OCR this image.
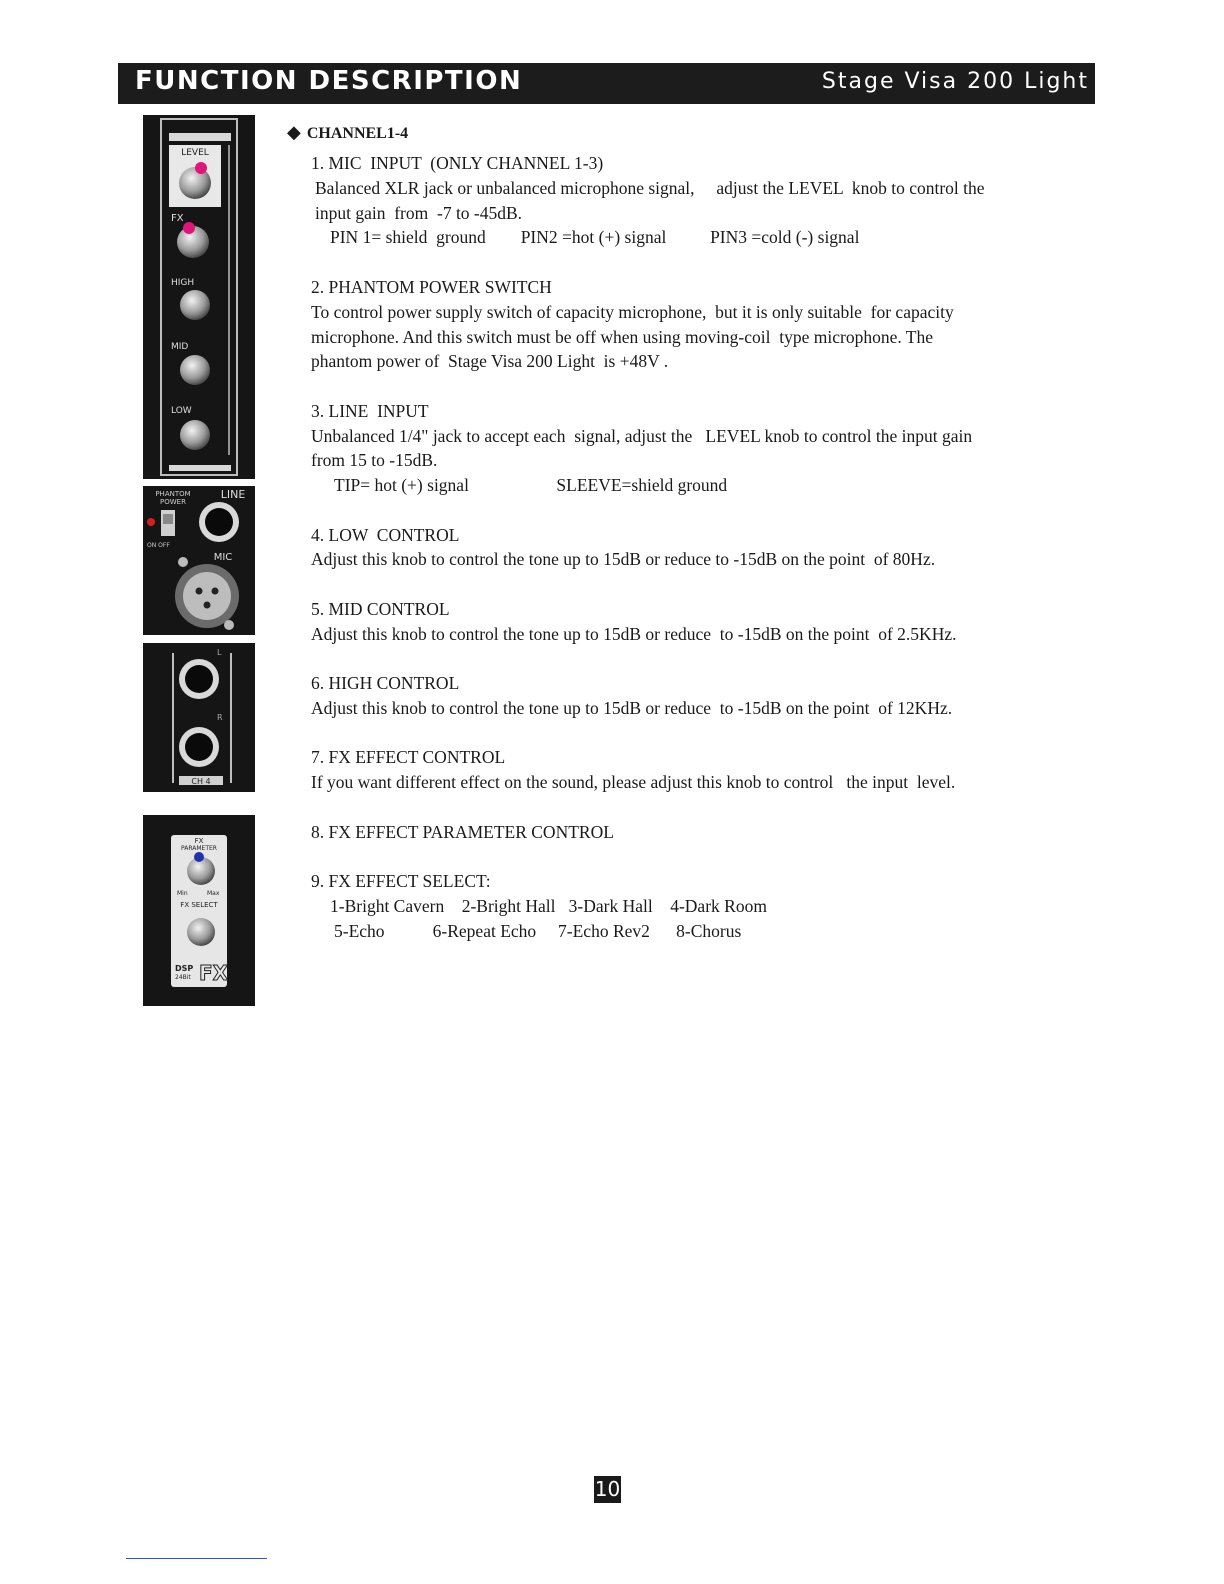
FUNCTION DESCRIPTION	Stage Visa 200 Light
LEVEL
FX
HIGH
MID
LOW
PHANTOM
POWER
LINE
ON OFF
MIC
L
R
CH 4
FX
PARAMETER
Min	Max
FX SELECT
DSP
24Bit FX
◆ CHANNEL1-4
1. MIC  INPUT  (ONLY CHANNEL 1-3)
Balanced XLR jack or unbalanced microphone signal,     adjust the LEVEL  knob to control the
input gain  from  -7 to -45dB.
PIN 1= shield  ground        PIN2 =hot (+) signal          PIN3 =cold (-) signal
2. PHANTOM POWER SWITCH
To control power supply switch of capacity microphone,  but it is only suitable  for capacity
microphone. And this switch must be off when using moving-coil  type microphone. The
phantom power of  Stage Visa 200 Light  is +48V .
3. LINE  INPUT
Unbalanced 1/4" jack to accept each  signal, adjust the   LEVEL knob to control the input gain
from 15 to -15dB.
TIP= hot (+) signal                    SLEEVE=shield ground
4. LOW  CONTROL
Adjust this knob to control the tone up to 15dB or reduce to -15dB on the point  of 80Hz.
5. MID CONTROL
Adjust this knob to control the tone up to 15dB or reduce  to -15dB on the point  of 2.5KHz.
6. HIGH CONTROL
Adjust this knob to control the tone up to 15dB or reduce  to -15dB on the point  of 12KHz.
7. FX EFFECT CONTROL
If you want different effect on the sound, please adjust this knob to control   the input  level.
8. FX EFFECT PARAMETER CONTROL
9. FX EFFECT SELECT:
1-Bright Cavern    2-Bright Hall   3-Dark Hall    4-Dark Room
5-Echo           6-Repeat Echo     7-Echo Rev2      8-Chorus
10
